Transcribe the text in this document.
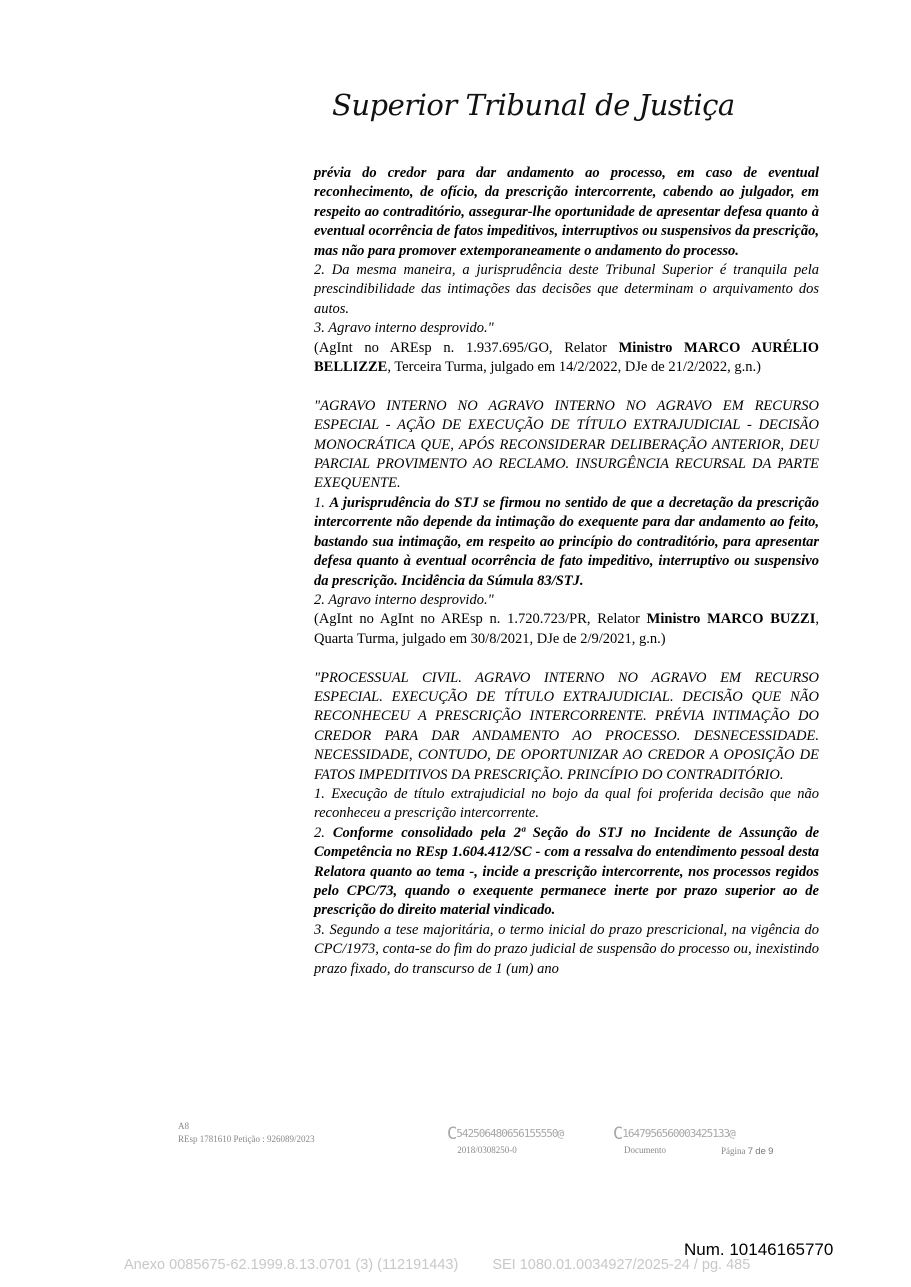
Superior Tribunal de Justiça

prévia do credor para dar andamento ao processo, em caso de eventual reconhecimento, de ofício, da prescrição intercorrente, cabendo ao julgador, em respeito ao contraditório, assegurar-lhe oportunidade de apresentar defesa quanto à eventual ocorrência de fatos impeditivos, interruptivos ou suspensivos da prescrição, mas não para promover extemporaneamente o andamento do processo.

2. Da mesma maneira, a jurisprudência deste Tribunal Superior é tranquila pela prescindibilidade das intimações das decisões que determinam o arquivamento dos autos.

3. Agravo interno desprovido."

(AgInt no AREsp n. 1.937.695/GO, Relator Ministro MARCO AURÉLIO BELLIZZE, Terceira Turma, julgado em 14/2/2022, DJe de 21/2/2022, g.n.)

"AGRAVO INTERNO NO AGRAVO INTERNO NO AGRAVO EM RECURSO ESPECIAL - AÇÃO DE EXECUÇÃO DE TÍTULO EXTRAJUDICIAL - DECISÃO MONOCRÁTICA QUE, APÓS RECONSIDERAR DELIBERAÇÃO ANTERIOR, DEU PARCIAL PROVIMENTO AO RECLAMO. INSURGÊNCIA RECURSAL DA PARTE EXEQUENTE.

1. A jurisprudência do STJ se firmou no sentido de que a decretação da prescrição intercorrente não depende da intimação do exequente para dar andamento ao feito, bastando sua intimação, em respeito ao princípio do contraditório, para apresentar defesa quanto à eventual ocorrência de fato impeditivo, interruptivo ou suspensivo da prescrição. Incidência da Súmula 83/STJ.

2. Agravo interno desprovido."

(AgInt no AgInt no AREsp n. 1.720.723/PR, Relator Ministro MARCO BUZZI, Quarta Turma, julgado em 30/8/2021, DJe de 2/9/2021, g.n.)

"PROCESSUAL CIVIL. AGRAVO INTERNO NO AGRAVO EM RECURSO ESPECIAL. EXECUÇÃO DE TÍTULO EXTRAJUDICIAL. DECISÃO QUE NÃO RECONHECEU A PRESCRIÇÃO INTERCORRENTE. PRÉVIA INTIMAÇÃO DO CREDOR PARA DAR ANDAMENTO AO PROCESSO. DESNECESSIDADE. NECESSIDADE, CONTUDO, DE OPORTUNIZAR AO CREDOR A OPOSIÇÃO DE FATOS IMPEDITIVOS DA PRESCRIÇÃO. PRINCÍPIO DO CONTRADITÓRIO.

1. Execução de título extrajudicial no bojo da qual foi proferida decisão que não reconheceu a prescrição intercorrente.

2. Conforme consolidado pela 2ª Seção do STJ no Incidente de Assunção de Competência no REsp 1.604.412/SC - com a ressalva do entendimento pessoal desta Relatora quanto ao tema -, incide a prescrição intercorrente, nos processos regidos pelo CPC/73, quando o exequente permanece inerte por prazo superior ao de prescrição do direito material vindicado.

3. Segundo a tese majoritária, o termo inicial do prazo prescricional, na vigência do CPC/1973, conta-se do fim do prazo judicial de suspensão do processo ou, inexistindo prazo fixado, do transcurso de 1 (um) ano

A8
REsp 1781610 Petição : 926089/2023	C542506480656155550@
2018/0308250-0
C1647956560003425133@
Documento	Página 7 de 9
Num. 10146165770
Anexo 0085675-62.1999.8.13.0701 (3) (112191443) SEI 1080.01.0034927/2025-24 / pg. 485
